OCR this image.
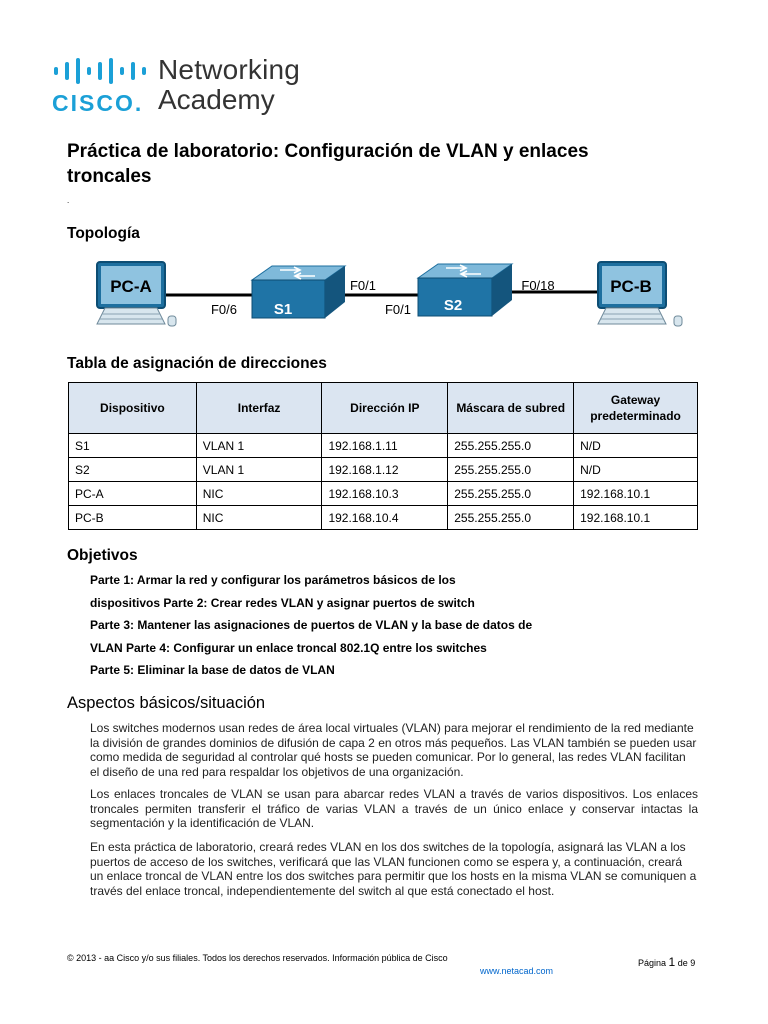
CISCO.
Networking
Academy
Práctica de laboratorio: Configuración de VLAN y enlaces troncales
.
Topología
PC-A
S1
F0/6
F0/1
S2
F0/1
F0/18	PC-B
Tabla de asignación de direcciones
Dispositivo	Interfaz	Dirección IP	Máscara de subred	Gateway predeterminado
S1	VLAN 1	192.168.1.11	255.255.255.0	N/D
S2	VLAN 1	192.168.1.12	255.255.255.0	N/D
PC-A	NIC	192.168.10.3	255.255.255.0	192.168.10.1
PC-B	NIC	192.168.10.4	255.255.255.0	192.168.10.1
Objetivos
Parte 1: Armar la red y configurar los parámetros básicos de los
dispositivos Parte 2: Crear redes VLAN y asignar puertos de switch
Parte 3: Mantener las asignaciones de puertos de VLAN y la base de datos de
VLAN Parte 4: Configurar un enlace troncal 802.1Q entre los switches
Parte 5: Eliminar la base de datos de VLAN
Aspectos básicos/situación

Los switches modernos usan redes de área local virtuales (VLAN) para mejorar el rendimiento de la red mediante la división de grandes dominios de difusión de capa 2 en otros más pequeños. Las VLAN también se pueden usar como medida de seguridad al controlar qué hosts se pueden comunicar. Por lo general, las redes VLAN facilitan el diseño de una red para respaldar los objetivos de una organización.

Los enlaces troncales de VLAN se usan para abarcar redes VLAN a través de varios dispositivos. Los enlaces troncales permiten transferir el tráfico de varias VLAN a través de un único enlace y conservar intactas la segmentación y la identificación de VLAN.

En esta práctica de laboratorio, creará redes VLAN en los dos switches de la topología, asignará las VLAN a los puertos de acceso de los switches, verificará que las VLAN funcionen como se espera y, a continuación, creará un enlace troncal de VLAN entre los dos switches para permitir que los hosts en la misma VLAN se comuniquen a través del enlace troncal, independientemente del switch al que está conectado el host.

© 2013 - aa Cisco y/o sus filiales. Todos los derechos reservados. Información pública de Cisco
www.netacad.com
Página 1 de 9
